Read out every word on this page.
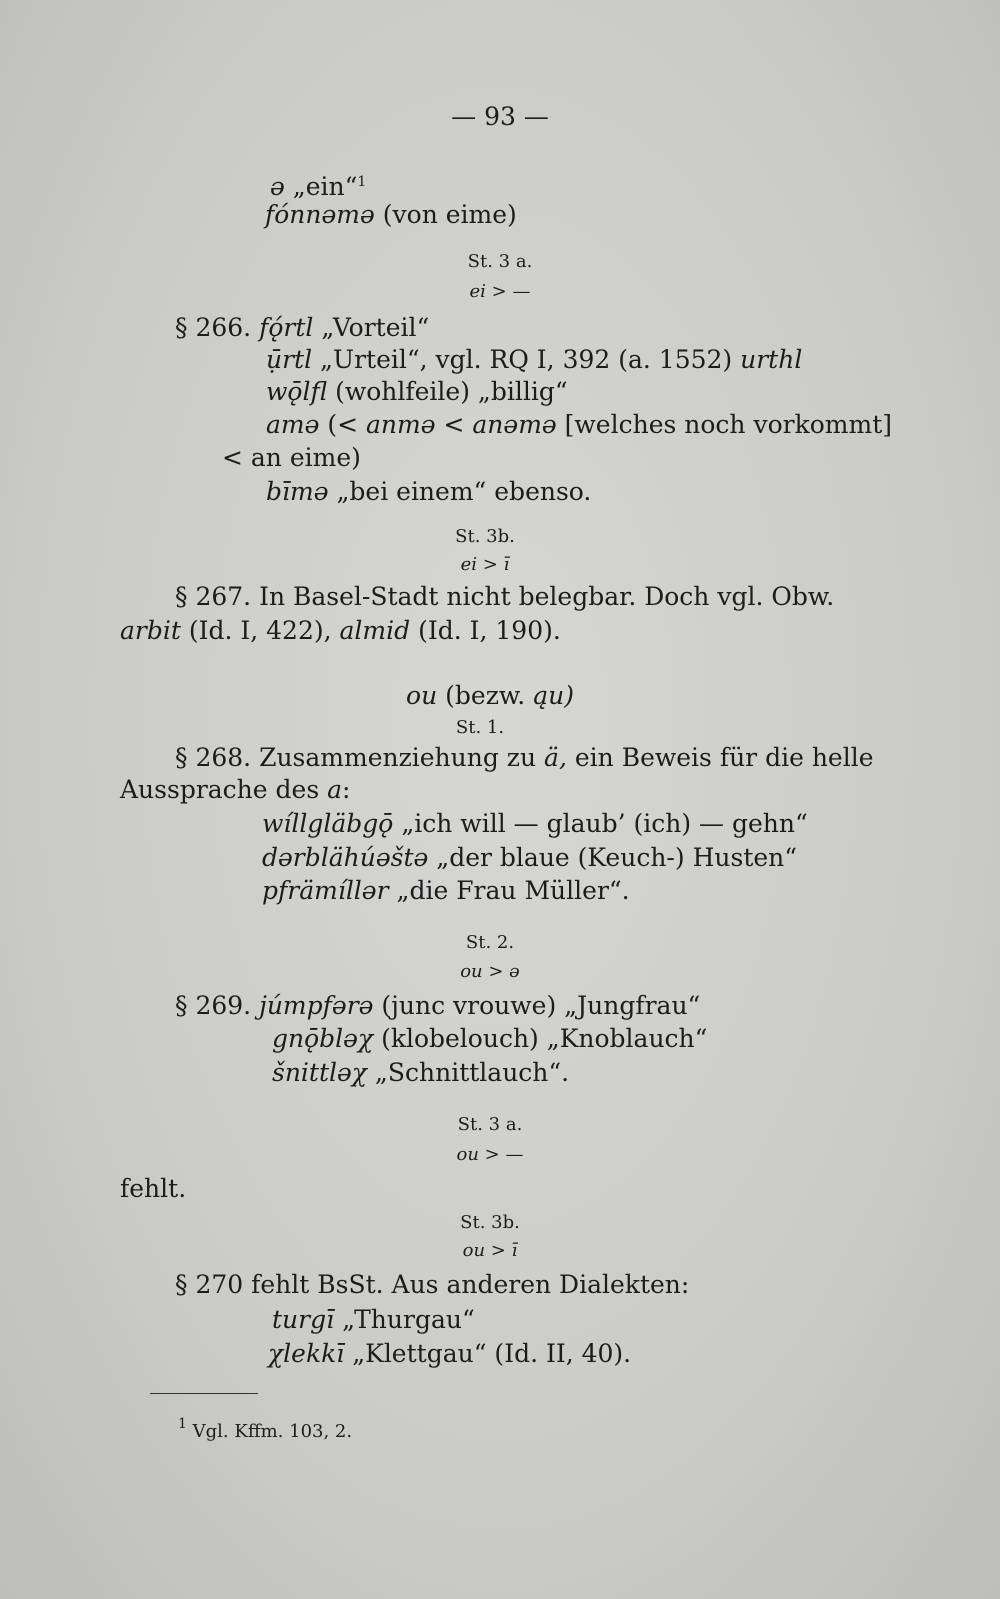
— 93 —
ə „ein“$^1$
fónnəmə (von eime)
St. 3 a.
ei > —
§ 266. fǫ́rtl „Vorteil“
ụ̄rtl „Urteil“, vgl. RQ I, 392 (a. 1552) urthl
wǭlfl (wohlfeile) „billig“
amə (< anmə < anəmə [welches noch vorkommt]
< an eime)
bīmə „bei einem“ ebenso.
St. 3b.
ei > ī
§ 267. In Basel-Stadt nicht belegbar. Doch vgl. Obw.
arbit (Id. I, 422), almid (Id. I, 190).
ou (bezw. ąu)
St. 1.
§ 268. Zusammenziehung zu ä, ein Beweis für die helle
Aussprache des a:
wíllgläbgǭ „ich will — glaub’ (ich) — gehn“
dərblähúəštə „der blaue (Keuch-) Husten“
pfrämíllər „die Frau Müller“.
St. 2.
ou > ə
§ 269. júmpfərə (junc vrouwe) „Jungfrau“
gnǭbləχ (klobelouch) „Knoblauch“
šnittləχ „Schnittlauch“.
St. 3 a.
ou > —
fehlt.
St. 3b.
ou > ī
§ 270 fehlt BsSt. Aus anderen Dialekten:
turgī „Thurgau“
χlekkī „Klettgau“ (Id. II, 40).
$^1$ Vgl. Kffm. 103, 2.
